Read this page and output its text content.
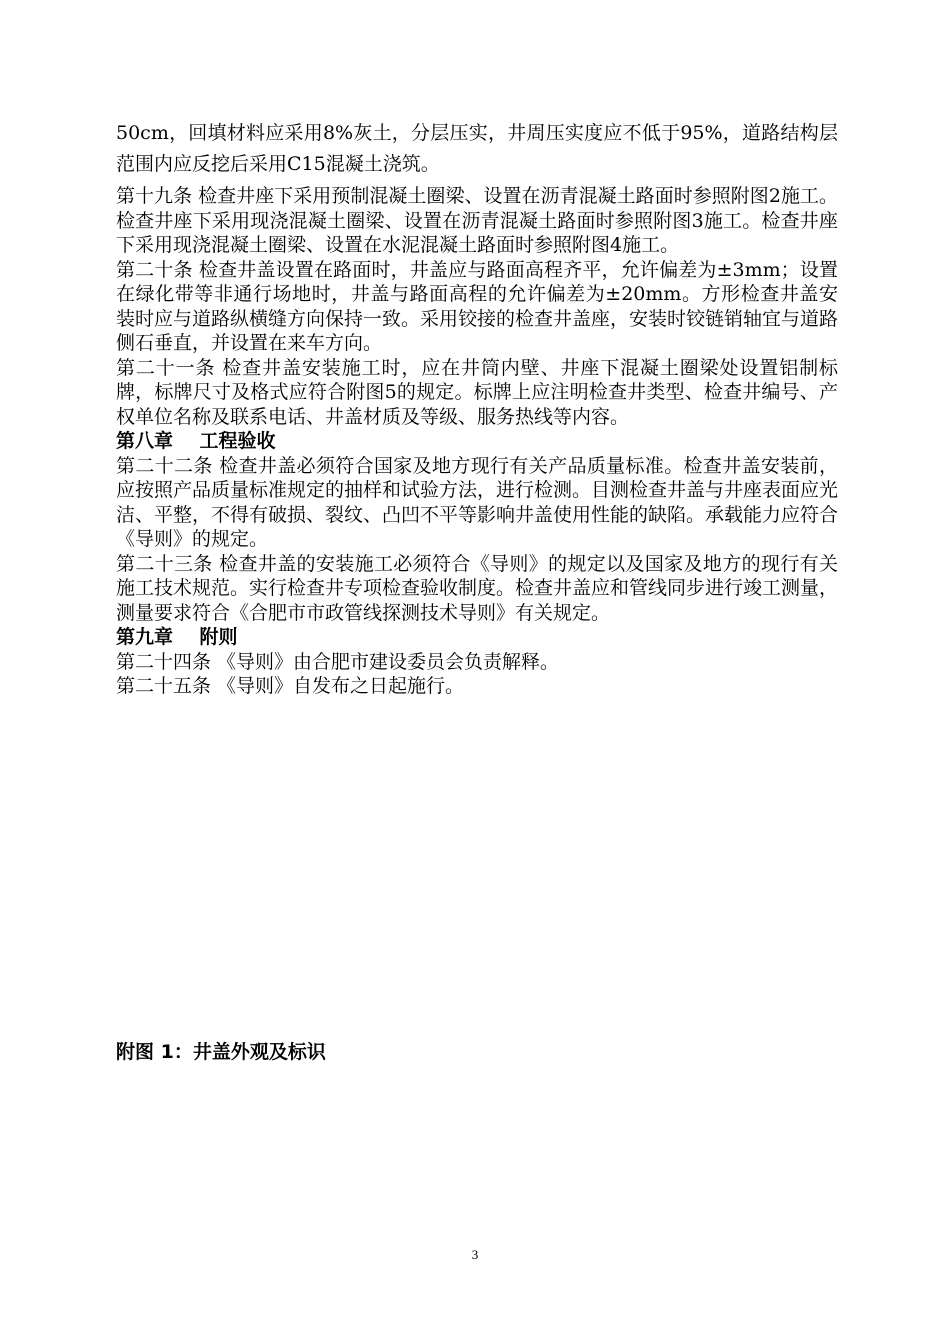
50cm，回填材料应采用8%灰土，分层压实，井周压实度应不低于95%，道路结构层范围内应反挖后采用C15混凝土浇筑。

第十九条 检查井座下采用预制混凝土圈梁、设置在沥青混凝土路面时参照附图2施工。检查井座下采用现浇混凝土圈梁、设置在沥青混凝土路面时参照附图3施工。检查井座下采用现浇混凝土圈梁、设置在水泥混凝土路面时参照附图4施工。

第二十条 检查井盖设置在路面时，井盖应与路面高程齐平，允许偏差为±3mm；设置在绿化带等非通行场地时，井盖与路面高程的允许偏差为±20mm。方形检查井盖安装时应与道路纵横缝方向保持一致。采用铰接的检查井盖座，安装时铰链销轴宜与道路侧石垂直，并设置在来车方向。

第二十一条 检查井盖安装施工时，应在井筒内壁、井座下混凝土圈梁处设置铝制标牌，标牌尺寸及格式应符合附图5的规定。标牌上应注明检查井类型、检查井编号、产权单位名称及联系电话、井盖材质及等级、服务热线等内容。

第八章    工程验收

第二十二条 检查井盖必须符合国家及地方现行有关产品质量标准。检查井盖安装前，应按照产品质量标准规定的抽样和试验方法，进行检测。目测检查井盖与井座表面应光洁、平整，不得有破损、裂纹、凸凹不平等影响井盖使用性能的缺陷。承载能力应符合《导则》的规定。

第二十三条 检查井盖的安装施工必须符合《导则》的规定以及国家及地方的现行有关施工技术规范。实行检查井专项检查验收制度。检查井盖应和管线同步进行竣工测量，测量要求符合《合肥市市政管线探测技术导则》有关规定。

第九章    附则

第二十四条 《导则》由合肥市建设委员会负责解释。

第二十五条 《导则》自发布之日起施行。

附图 1：井盖外观及标识
3
